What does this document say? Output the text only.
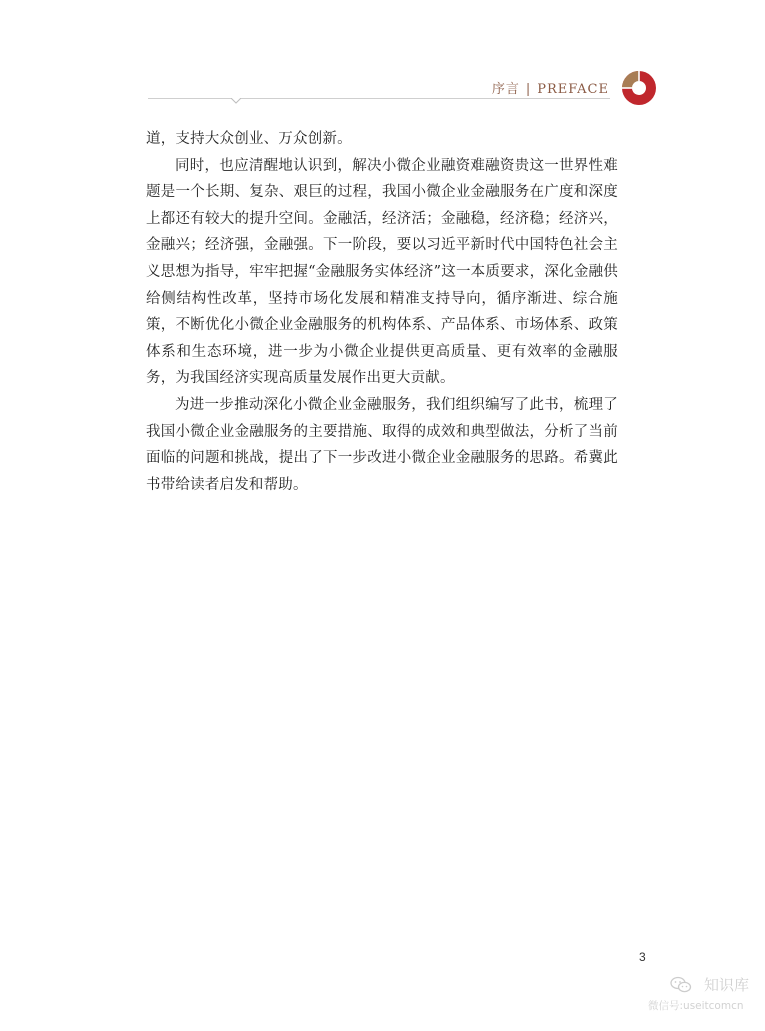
序言 | PREFACE

道，支持大众创业、万众创新。

同时，也应清醒地认识到，解决小微企业融资难融资贵这一世界性难题是一个长期、复杂、艰巨的过程，我国小微企业金融服务在广度和深度上都还有较大的提升空间。金融活，经济活；金融稳，经济稳；经济兴，金融兴；经济强，金融强。下一阶段，要以习近平新时代中国特色社会主义思想为指导，牢牢把握“金融服务实体经济”这一本质要求，深化金融供给侧结构性改革，坚持市场化发展和精准支持导向，循序渐进、综合施策，不断优化小微企业金融服务的机构体系、产品体系、市场体系、政策体系和生态环境，进一步为小微企业提供更高质量、更有效率的金融服务，为我国经济实现高质量发展作出更大贡献。

为进一步推动深化小微企业金融服务，我们组织编写了此书，梳理了我国小微企业金融服务的主要措施、取得的成效和典型做法，分析了当前面临的问题和挑战，提出了下一步改进小微企业金融服务的思路。希冀此书带给读者启发和帮助。

3
知识库
微信号:useitcomcn
